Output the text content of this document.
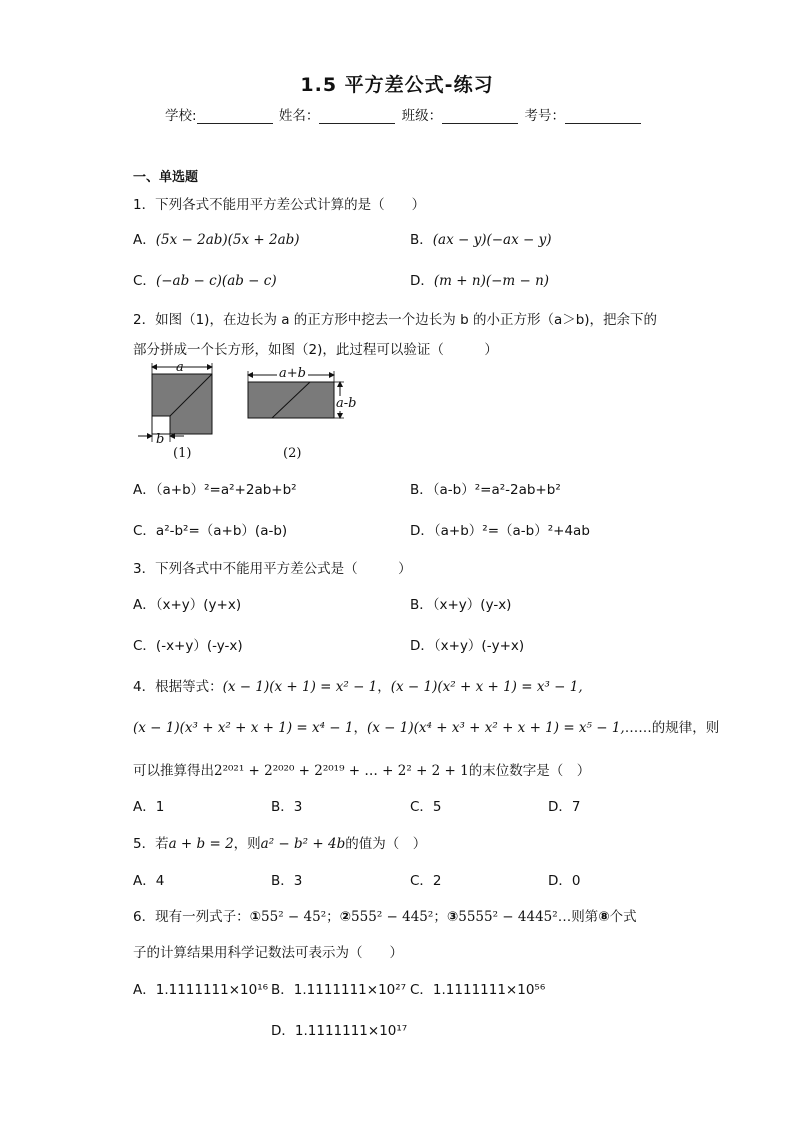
1.5 平方差公式-练习
学校:	姓名：	班级：	考号：
一、单选题
1．下列各式不能用平方差公式计算的是（　　）
A．(5x − 2ab)(5x + 2ab)	B．(ax − y)(−ax − y)
C．(−ab − c)(ab − c)	D．(m + n)(−m − n)
2．如图（1)，在边长为 a 的正方形中挖去一个边长为 b 的小正方形（a＞b)，把余下的
部分拼成一个长方形，如图（2)，此过程可以验证（　　　）
a
b
(1)
a+b
a-b
(2)
A．（a+b）²=a²+2ab+b²	B．（a-b）²=a²-2ab+b²
C．a²-b²=（a+b）(a-b)	D．（a+b）²=（a-b）²+4ab
3．下列各式中不能用平方差公式是（　　　）
A．（x+y）(y+x)	B．（x+y）(y-x)
C．(-x+y）(-y-x)	D．（x+y）(-y+x)
4．根据等式：(x − 1)(x + 1) = x² − 1，(x − 1)(x² + x + 1) = x³ − 1,
(x − 1)(x³ + x² + x + 1) = x⁴ − 1，(x − 1)(x⁴ + x³ + x² + x + 1) = x⁵ − 1,……的规律，则
可以推算得出2²⁰²¹ + 2²⁰²⁰ + 2²⁰¹⁹ + … + 2² + 2 + 1的末位数字是（　）
A．1	B．3	C．5	D．7
5．若a + b = 2，则a² − b² + 4b的值为（　）
A．4	B．3	C．2	D．0
6．现有一列式子：①55² − 45²；②555² − 445²；③5555² − 4445²…则第⑧个式
子的计算结果用科学记数法可表示为（　　）
A．1.1111111×10¹⁶ B．1.1111111×10²⁷ C．1.1111111×10⁵⁶
D．1.1111111×10¹⁷
